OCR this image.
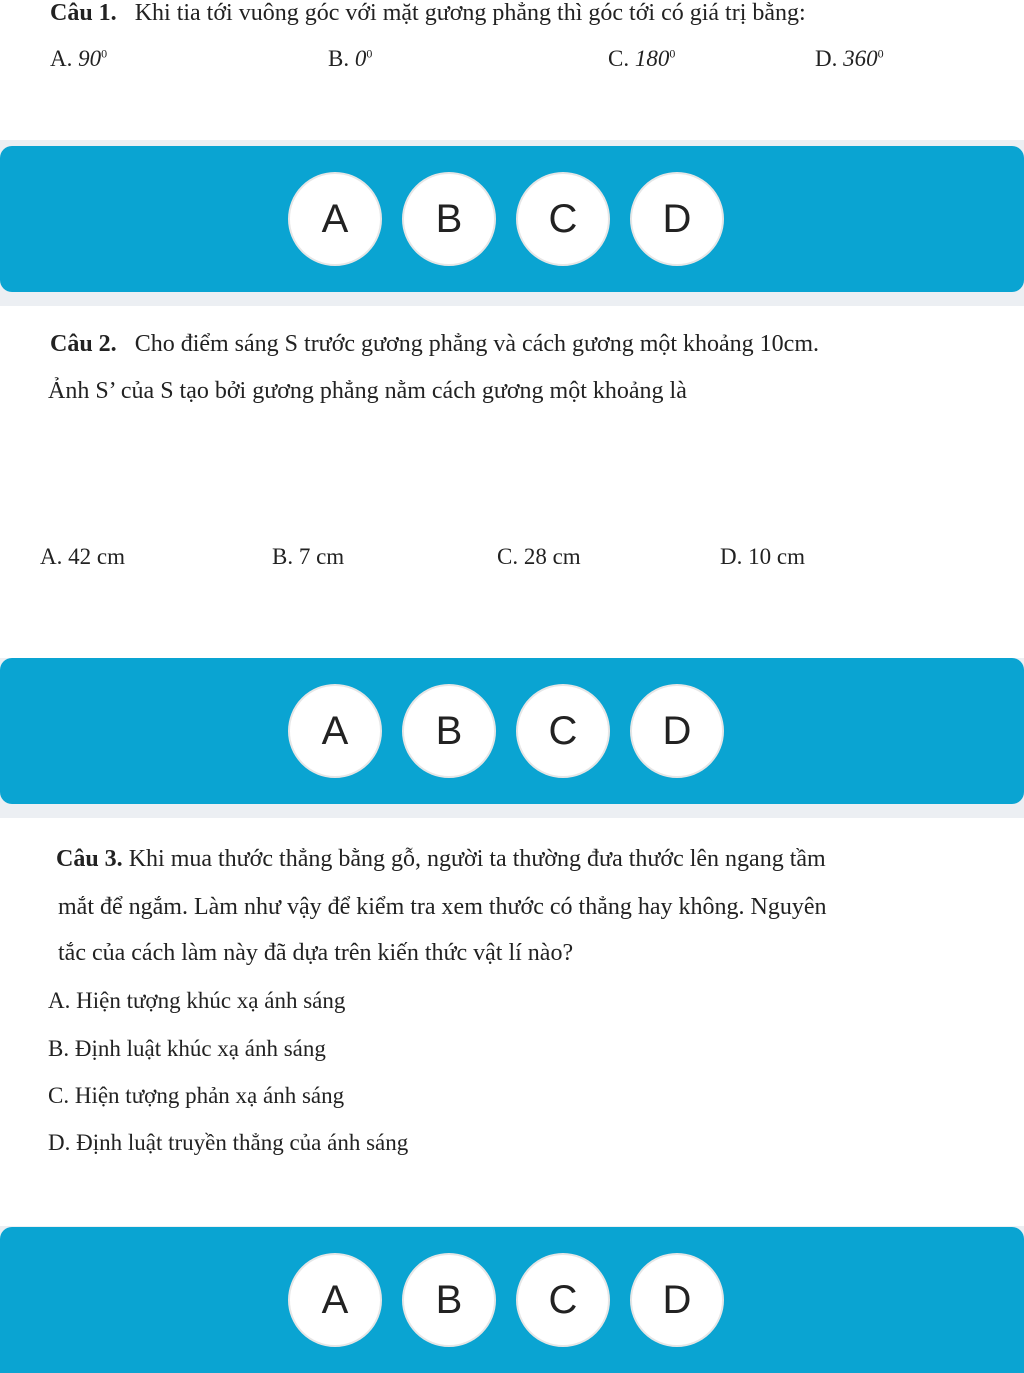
Câu 1. Khi tia tới vuông góc với mặt gương phẳng thì góc tới có giá trị bằng:
A. $90^0$	B. $0^0$	C. $180^0$	D. $360^0$
A	B	C	D
Câu 2. Cho điểm sáng S trước gương phẳng và cách gương một khoảng 10cm.
Ảnh S’ của S tạo bởi gương phẳng nằm cách gương một khoảng là
A. 42 cm	B. 7 cm	C. 28 cm	D. 10 cm
A	B	C	D
Câu 3. Khi mua thước thẳng bằng gỗ, người ta thường đưa thước lên ngang tầm
mắt để ngắm. Làm như vậy để kiểm tra xem thước có thẳng hay không. Nguyên
tắc của cách làm này đã dựa trên kiến thức vật lí nào?
A. Hiện tượng khúc xạ ánh sáng
B. Định luật khúc xạ ánh sáng
C. Hiện tượng phản xạ ánh sáng
D. Định luật truyền thẳng của ánh sáng
A	B	C	D
